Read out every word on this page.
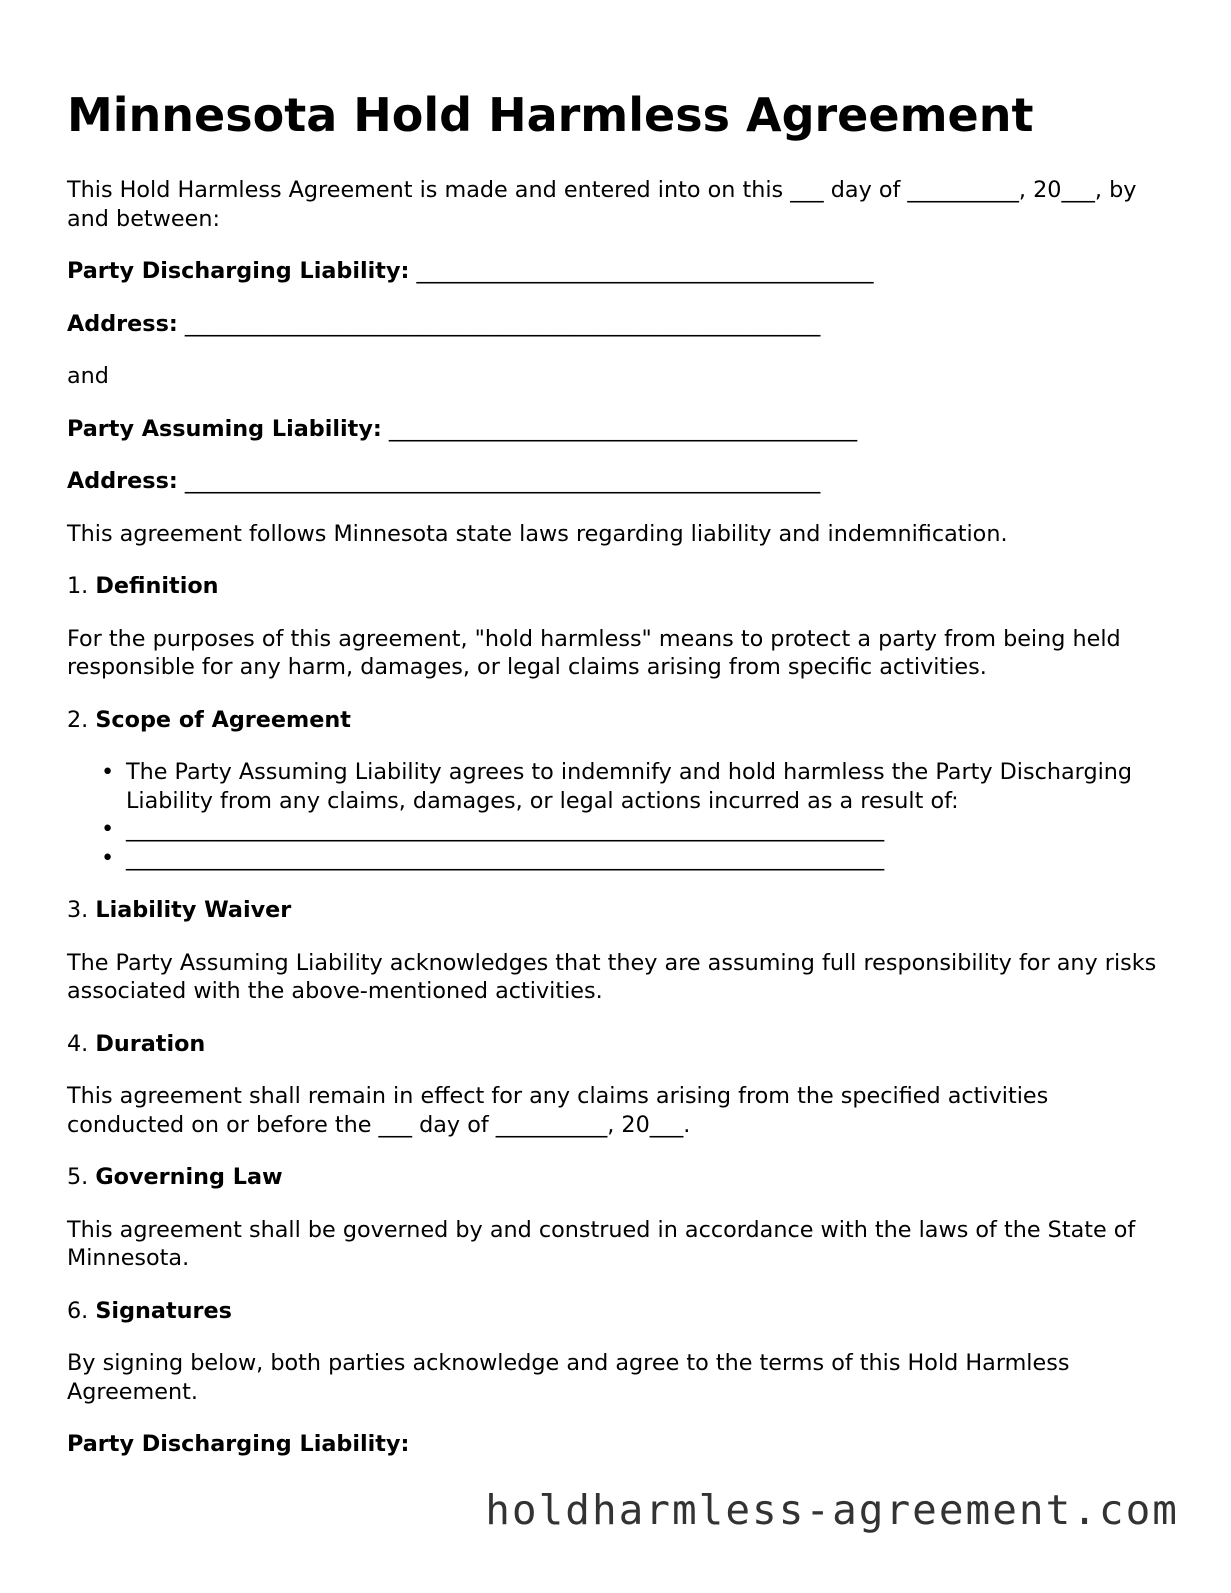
Minnesota Hold Harmless Agreement

This Hold Harmless Agreement is made and entered into on this ___ day of __________, 20___, by and between:

Party Discharging Liability: _________________________________________

Address: _________________________________________________________

and

Party Assuming Liability: __________________________________________

Address: _________________________________________________________

This agreement follows Minnesota state laws regarding liability and indemnification.

1. Definition

For the purposes of this agreement, "hold harmless" means to protect a party from being held responsible for any harm, damages, or legal claims arising from specific activities.

2. Scope of Agreement

• The Party Assuming Liability agrees to indemnify and hold harmless the Party Discharging Liability from any claims, damages, or legal actions incurred as a result of:
• ____________________________________________________________________
• ____________________________________________________________________

3. Liability Waiver

The Party Assuming Liability acknowledges that they are assuming full responsibility for any risks associated with the above-mentioned activities.

4. Duration

This agreement shall remain in effect for any claims arising from the specified activities conducted on or before the ___ day of __________, 20___.

5. Governing Law

This agreement shall be governed by and construed in accordance with the laws of the State of Minnesota.

6. Signatures

By signing below, both parties acknowledge and agree to the terms of this Hold Harmless Agreement.

Party Discharging Liability:

holdharmless-agreement.com
